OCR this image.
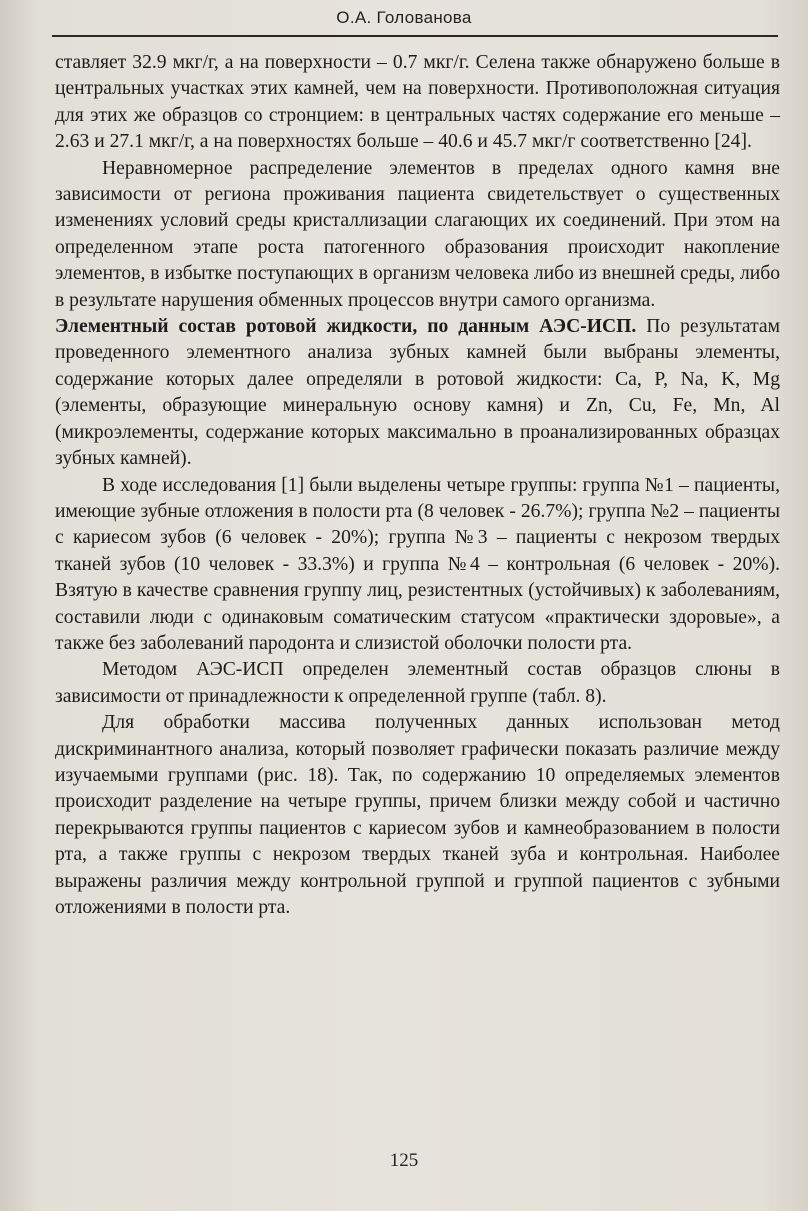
О.А. Голованова

ставляет 32.9 мкг/г, а на поверхности – 0.7 мкг/г. Селена также обнаружено больше в центральных участках этих камней, чем на поверхности. Противоположная ситуация для этих же образцов со стронцием: в центральных частях содержание его меньше – 2.63 и 27.1 мкг/г, а на поверхностях больше – 40.6 и 45.7 мкг/г соответственно [24].

Неравномерное распределение элементов в пределах одного камня вне зависимости от региона проживания пациента свидетельствует о существенных изменениях условий среды кристаллизации слагающих их соединений. При этом на определенном этапе роста патогенного образования происходит накопление элементов, в избытке поступающих в организм человека либо из внешней среды, либо в результате нарушения обменных процессов внутри самого организма.

Элементный состав ротовой жидкости, по данным АЭС-ИСП. По результатам проведенного элементного анализа зубных камней были выбраны элементы, содержание которых далее определяли в ротовой жидкости: Ca, P, Na, K, Mg (элементы, образующие минеральную основу камня) и Zn, Cu, Fe, Mn, Al (микроэлементы, содержание которых максимально в проанализированных образцах зубных камней).

В ходе исследования [1] были выделены четыре группы: группа №1 – пациенты, имеющие зубные отложения в полости рта (8 человек - 26.7%); группа №2 – пациенты с кариесом зубов (6 человек - 20%); группа №3 – пациенты с некрозом твердых тканей зубов (10 человек - 33.3%) и группа №4 – контрольная (6 человек - 20%). Взятую в качестве сравнения группу лиц, резистентных (устойчивых) к заболеваниям, составили люди с одинаковым соматическим статусом «практически здоровые», а также без заболеваний пародонта и слизистой оболочки полости рта.

Методом АЭС-ИСП определен элементный состав образцов слюны в зависимости от принадлежности к определенной группе (табл. 8).

Для обработки массива полученных данных использован метод дискриминантного анализа, который позволяет графически показать различие между изучаемыми группами (рис. 18). Так, по содержанию 10 определяемых элементов происходит разделение на четыре группы, причем близки между собой и частично перекрываются группы пациентов с кариесом зубов и камнеобразованием в полости рта, а также группы с некрозом твердых тканей зуба и контрольная. Наиболее выражены различия между контрольной группой и группой пациентов с зубными отложениями в полости рта.

125
